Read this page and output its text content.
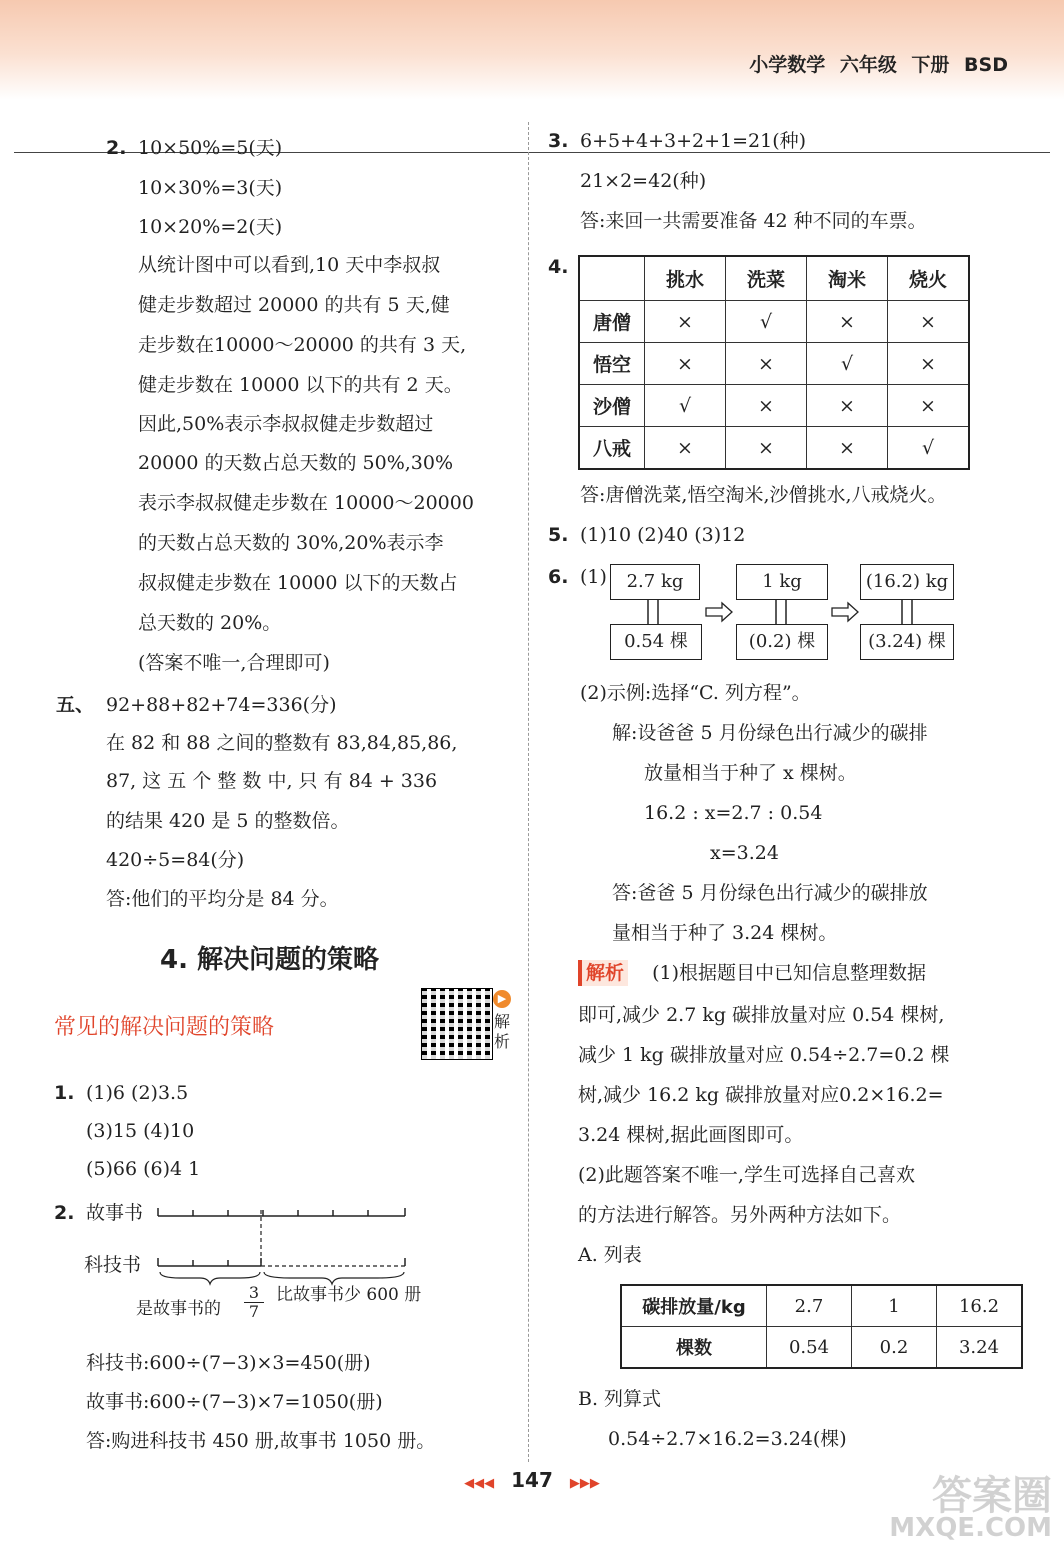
小学数学 六年级 下册 BSD
2. 10×50%=5(天)
10×30%=3(天)
10×20%=2(天)
从统计图中可以看到,10 天中李叔叔
健走步数超过 20000 的共有 5 天,健
走步数在10000～20000 的共有 3 天,
健走步数在 10000 以下的共有 2 天。
因此,50%表示李叔叔健走步数超过
20000 的天数占总天数的 50%,30%
表示李叔叔健走步数在 10000～20000
的天数占总天数的 30%,20%表示李
叔叔健走步数在 10000 以下的天数占
总天数的 20%。
(答案不唯一,合理即可)
五、 92+88+82+74=336(分)
在 82 和 88 之间的整数有 83,84,85,86,
87, 这 五 个 整 数 中, 只 有 84 + 336
的结果 420 是 5 的整数倍。
420÷5=84(分)
答:他们的平均分是 84 分。
4. 解决问题的策略
常见的解决问题的策略
▶
解析
1. (1)6 (2)3.5
(3)15 (4)10
(5)66 (6)4 1
2. 故事书
科技书
是故事书的 $\frac{3}{7}$ 比故事书少 600 册
科技书:600÷(7−3)×3=450(册)
故事书:600÷(7−3)×7=1050(册)
答:购进科技书 450 册,故事书 1050 册。
3. 6+5+4+3+2+1=21(种)
21×2=42(种)
答:来回一共需要准备 42 种不同的车票。
4.
	挑水	洗菜	淘米	烧火
唐僧	×	√	×	×
悟空	×	×	√	×
沙僧	√	×	×	×
八戒	×	×	×	√
答:唐僧洗菜,悟空淘米,沙僧挑水,八戒烧火。
5. (1)10 (2)40 (3)12
6. (1)	2.7 kg	1 kg	(16.2) kg
0.54 棵	(0.2) 棵	(3.24) 棵
(2)示例:选择“C. 列方程”。
解:设爸爸 5 月份绿色出行减少的碳排
放量相当于种了 x 棵树。
16.2 : x=2.7 : 0.54
x=3.24
答:爸爸 5 月份绿色出行减少的碳排放
量相当于种了 3.24 棵树。
解析 (1)根据题目中已知信息整理数据
即可,减少 2.7 kg 碳排放量对应 0.54 棵树,
减少 1 kg 碳排放量对应 0.54÷2.7=0.2 棵
树,减少 16.2 kg 碳排放量对应0.2×16.2=
3.24 棵树,据此画图即可。
(2)此题答案不唯一,学生可选择自己喜欢
的方法进行解答。另外两种方法如下。
A. 列表
碳排放量/kg	2.7	1	16.2
棵数	0.54	0.2	3.24
B. 列算式
0.54÷2.7×16.2=3.24(棵)
◀◀◀ 147 ▶▶▶	答案圈
MXQE.COM
